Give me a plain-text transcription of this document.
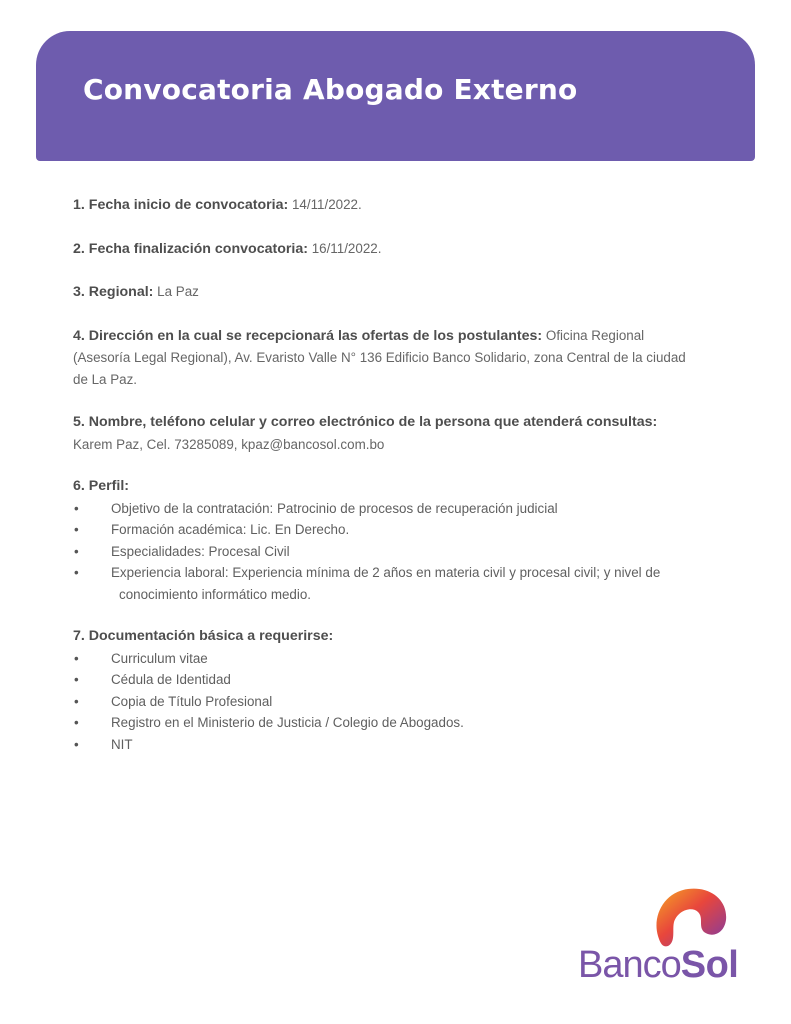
Convocatoria Abogado Externo
1. Fecha inicio de convocatoria: 14/11/2022.
2. Fecha finalización convocatoria: 16/11/2022.
3. Regional: La Paz
4. Dirección en la cual se recepcionará las ofertas de los postulantes: Oficina Regional (Asesoría Legal Regional), Av. Evaristo Valle N° 136 Edificio Banco Solidario, zona Central de la ciudad de La Paz.
5. Nombre, teléfono celular y correo electrónico de la persona que atenderá consultas:
Karem Paz, Cel. 73285089, kpaz@bancosol.com.bo
6. Perfil:
• Objetivo de la contratación: Patrocinio de procesos de recuperación judicial
• Formación académica: Lic. En Derecho.
• Especialidades: Procesal Civil
• Experiencia laboral: Experiencia mínima de 2 años en materia civil y procesal civil; y nivel de
conocimiento informático medio.
7. Documentación básica a requerirse:
• Curriculum vitae
• Cédula de Identidad
• Copia de Título Profesional
• Registro en el Ministerio de Justicia / Colegio de Abogados.
• NIT
BancoSol
